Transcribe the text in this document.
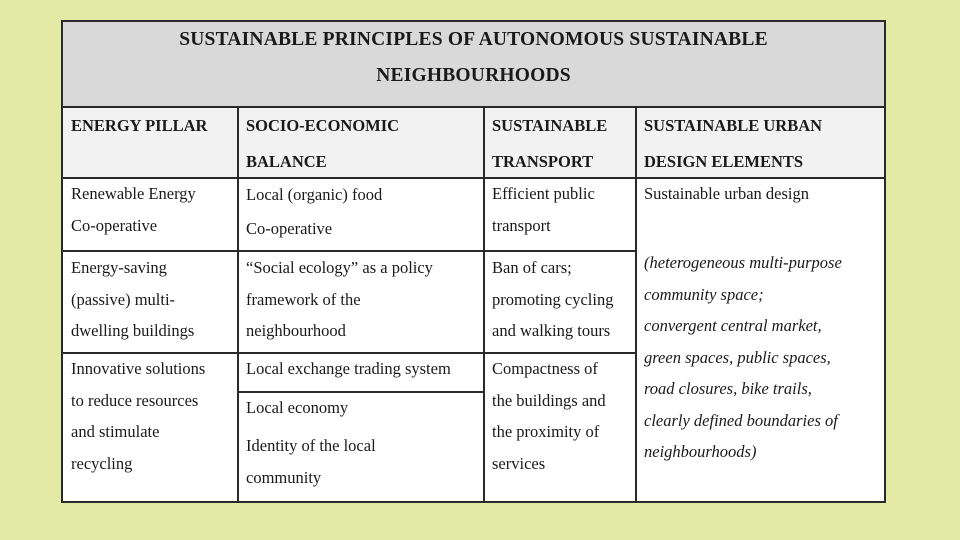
SUSTAINABLE PRINCIPLES OF AUTONOMOUS SUSTAINABLE
NEIGHBOURHOODS
ENERGY PILLAR SOCIO-ECONOMIC
BALANCE
SUSTAINABLE
TRANSPORT
SUSTAINABLE URBAN
DESIGN ELEMENTS
Renewable Energy
Co-operative
Energy-saving
(passive) multi-
dwelling buildings
Innovative solutions
to reduce resources
and stimulate
recycling
Local (organic) food
Co-operative
“Social ecology” as a policy
framework of the
neighbourhood
Local exchange trading system
Local economy
Identity of the local
community
Efficient public
transport
Ban of cars;
promoting cycling
and walking tours
Compactness of
the buildings and
the proximity of
services
Sustainable urban design
(heterogeneous multi-purpose
community space;
convergent central market,
green spaces, public spaces,
road closures, bike trails,
clearly defined boundaries of
neighbourhoods)
